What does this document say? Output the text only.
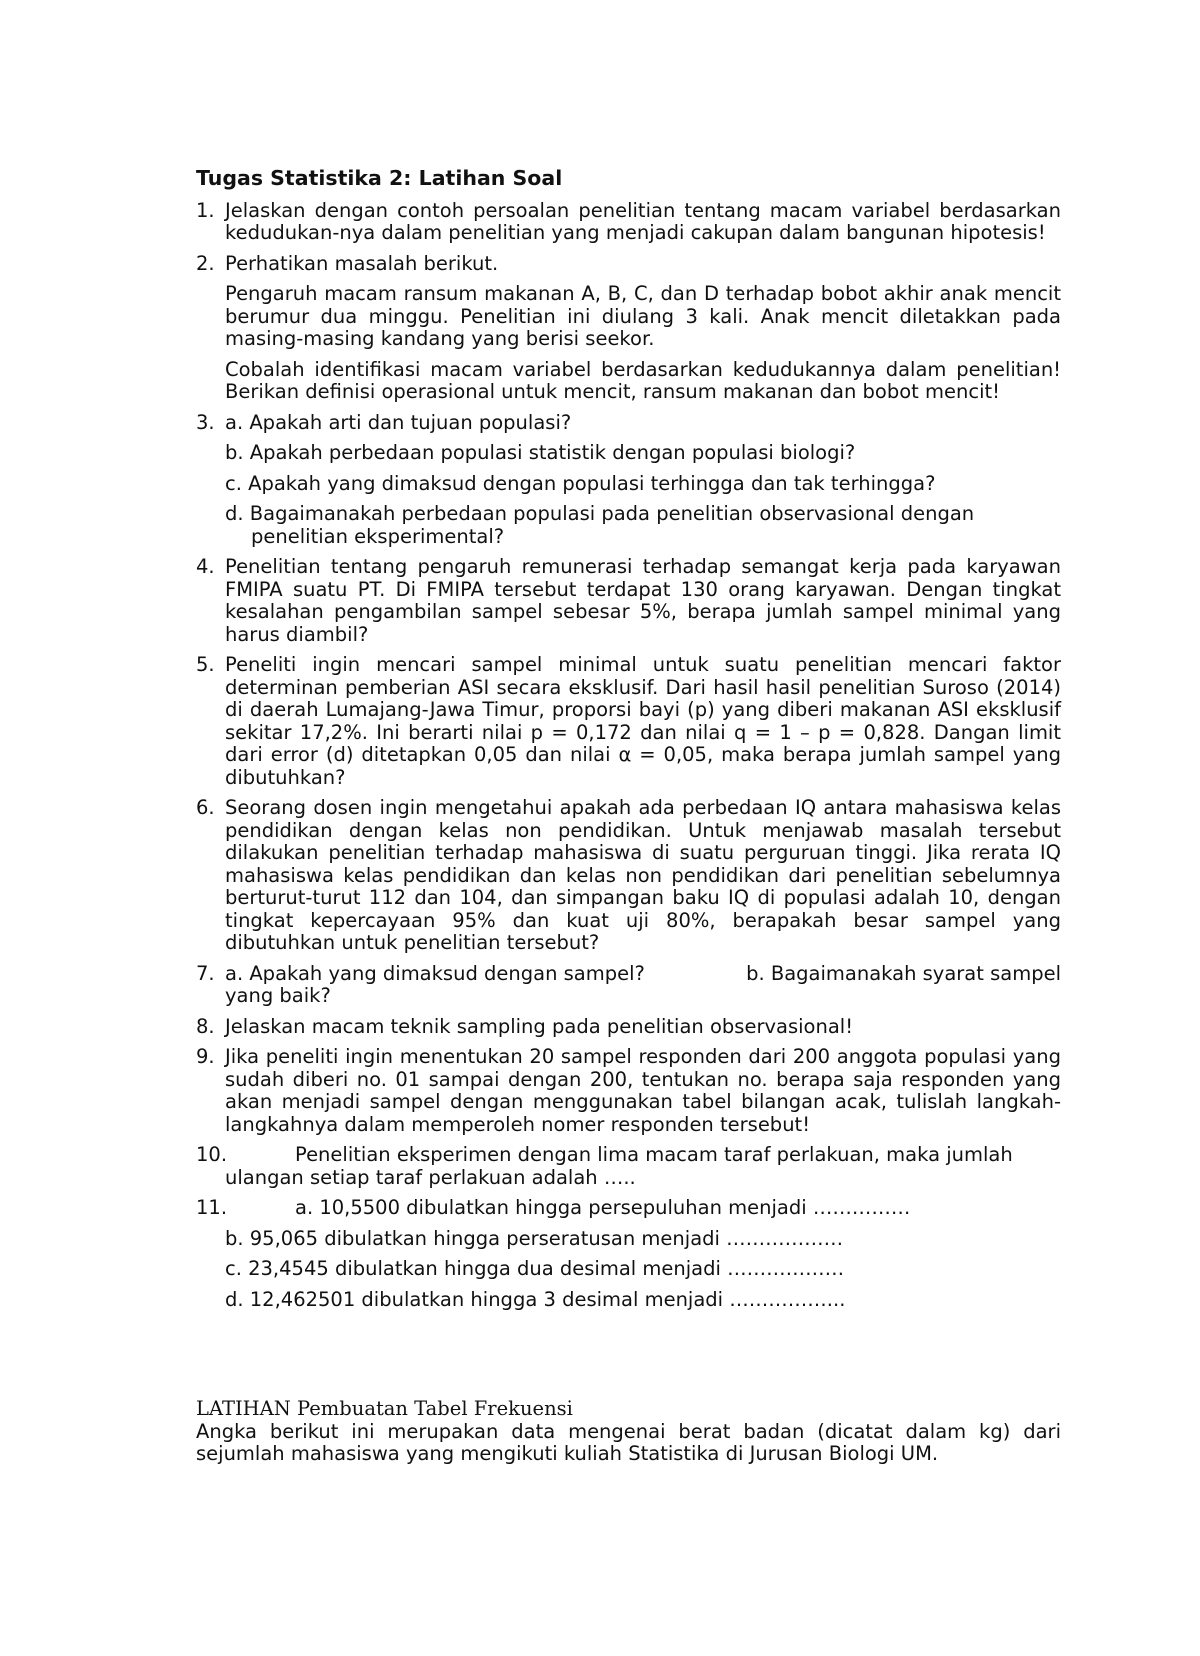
Tugas Statistika 2: Latihan Soal
1. Jelaskan dengan contoh persoalan penelitian tentang macam variabel berdasarkan kedudukan-nya dalam penelitian yang menjadi cakupan dalam bangunan hipotesis!
2. Perhatikan masalah berikut.

Pengaruh macam ransum makanan A, B, C, dan D terhadap bobot akhir anak mencit berumur dua minggu. Penelitian ini diulang 3 kali. Anak mencit diletakkan pada masing-masing kandang yang berisi seekor.

Cobalah identifikasi macam variabel berdasarkan kedudukannya dalam penelitian! Berikan definisi operasional untuk mencit, ransum makanan dan bobot mencit!

3. a. Apakah arti dan tujuan populasi?
b. Apakah perbedaan populasi statistik dengan populasi biologi?
c. Apakah yang dimaksud dengan populasi terhingga dan tak terhingga?
d. Bagaimanakah perbedaan populasi pada penelitian observasional dengan penelitian eksperimental?
4. Penelitian tentang pengaruh remunerasi terhadap semangat kerja pada karyawan FMIPA suatu PT. Di FMIPA tersebut terdapat 130 orang karyawan. Dengan tingkat kesalahan pengambilan sampel sebesar 5%, berapa jumlah sampel minimal yang harus diambil?
5. Peneliti ingin mencari sampel minimal untuk suatu penelitian mencari faktor determinan pemberian ASI secara eksklusif. Dari hasil hasil penelitian Suroso (2014) di daerah Lumajang-Jawa Timur, proporsi bayi (p) yang diberi makanan ASI eksklusif sekitar 17,2%. Ini berarti nilai p = 0,172 dan nilai q = 1 – p = 0,828. Dangan limit dari error (d) ditetapkan 0,05 dan nilai α = 0,05, maka berapa jumlah sampel yang dibutuhkan?
6. Seorang dosen ingin mengetahui apakah ada perbedaan IQ antara mahasiswa kelas pendidikan dengan kelas non pendidikan. Untuk menjawab masalah tersebut dilakukan penelitian terhadap mahasiswa di suatu perguruan tinggi. Jika rerata IQ mahasiswa kelas pendidikan dan kelas non pendidikan dari penelitian sebelumnya berturut-turut 112 dan 104, dan simpangan baku IQ di populasi adalah 10, dengan tingkat kepercayaan 95% dan kuat uji 80%, berapakah besar sampel yang dibutuhkan untuk penelitian tersebut?
7. a. Apakah yang dimaksud dengan sampel?	b. Bagaimanakah syarat sampel
yang baik?
8. Jelaskan macam teknik sampling pada penelitian observasional!
9. Jika peneliti ingin menentukan 20 sampel responden dari 200 anggota populasi yang sudah diberi no. 01 sampai dengan 200, tentukan no. berapa saja responden yang akan menjadi sampel dengan menggunakan tabel bilangan acak, tulislah langkah-langkahnya dalam memperoleh nomer responden tersebut!
10.	Penelitian eksperimen dengan lima macam taraf perlakuan, maka jumlah
ulangan setiap taraf perlakuan adalah …..
11.	a. 10,5500 dibulatkan hingga persepuluhan menjadi ……………
b. 95,065 dibulatkan hingga perseratusan menjadi ………………
c. 23,4545 dibulatkan hingga dua desimal menjadi ………………
d. 12,462501 dibulatkan hingga 3 desimal menjadi ……………...
LATIHAN Pembuatan Tabel Frekuensi
Angka berikut ini merupakan data mengenai berat badan (dicatat dalam kg) dari sejumlah mahasiswa yang mengikuti kuliah Statistika di Jurusan Biologi UM.
